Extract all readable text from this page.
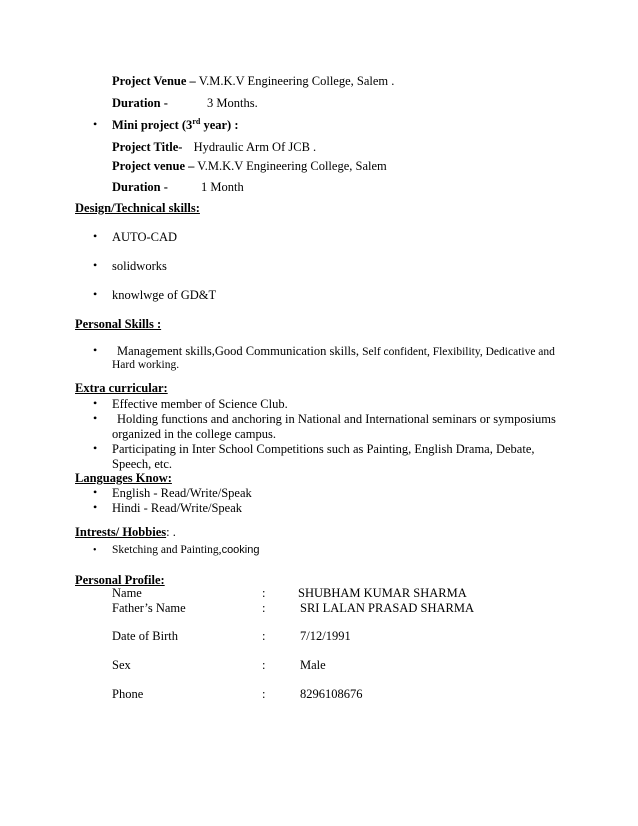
Project Venue – V.M.K.V Engineering College, Salem .
Duration -	3 Months.
• Mini project (3rd year) :
Project Title- Hydraulic Arm Of JCB .
Project venue – V.M.K.V Engineering College, Salem
Duration -	1 Month
Design/Technical skills:
• AUTO-CAD
• solidworks
• knowlwge of GD&T
Personal Skills :
• Management skills,Good Communication skills, Self confident, Flexibility, Dedicative and
Hard working.
Extra curricular:
• Effective member of Science Club.
• Holding functions and anchoring in National and International seminars or symposiums
organized in the college campus.
• Participating in Inter School Competitions such as Painting, English Drama, Debate,
Speech, etc.
Languages Know:
• English - Read/Write/Speak
• Hindi - Read/Write/Speak
Intrests/ Hobbies: .
• Sketching and Painting,cooking
Personal Profile:
Name	:	SHUBHAM KUMAR SHARMA
Father’s Name	:	SRI LALAN PRASAD SHARMA
Date of Birth	:	7/12/1991
Sex	:	Male
Phone	:	8296108676
